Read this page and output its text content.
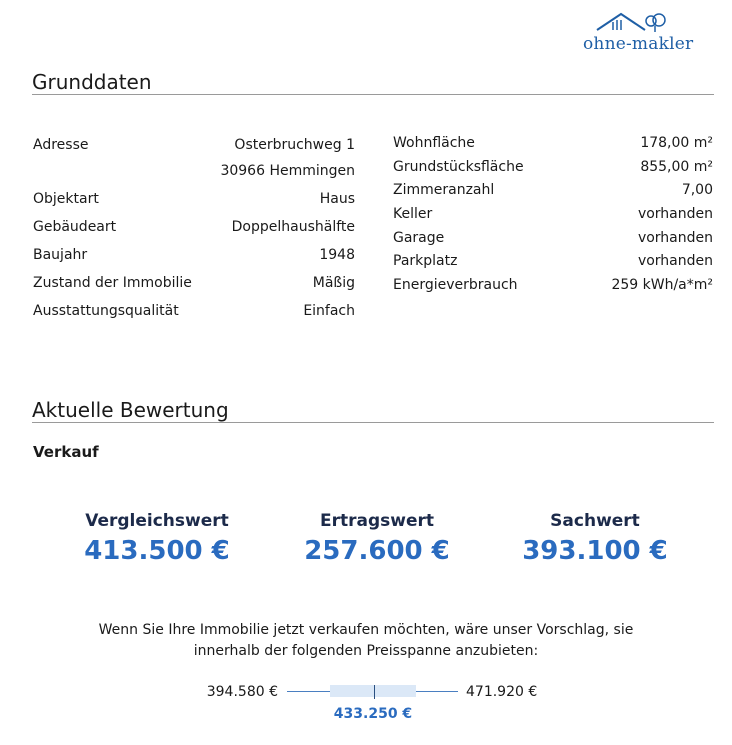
ohne-makler
Grunddaten
Adresse	Osterbruchweg 1
30966 Hemmingen
Objektart	Haus
Gebäudeart	Doppelhaushälfte
Baujahr	1948
Zustand der Immobilie	Mäßig
Ausstattungsqualität	Einfach
Wohnfläche	178,00 m²
Grundstücksfläche	855,00 m²
Zimmeranzahl	7,00
Keller	vorhanden
Garage	vorhanden
Parkplatz	vorhanden
Energieverbrauch	259 kWh/a*m²
Aktuelle Bewertung
Verkauf
Vergleichswert
413.500 €
Ertragswert
257.600 €
Sachwert
393.100 €
Wenn Sie Ihre Immobilie jetzt verkaufen möchten, wäre unser Vorschlag, sie
innerhalb der folgenden Preisspanne anzubieten:
394.580 €	471.920 €
433.250 €
